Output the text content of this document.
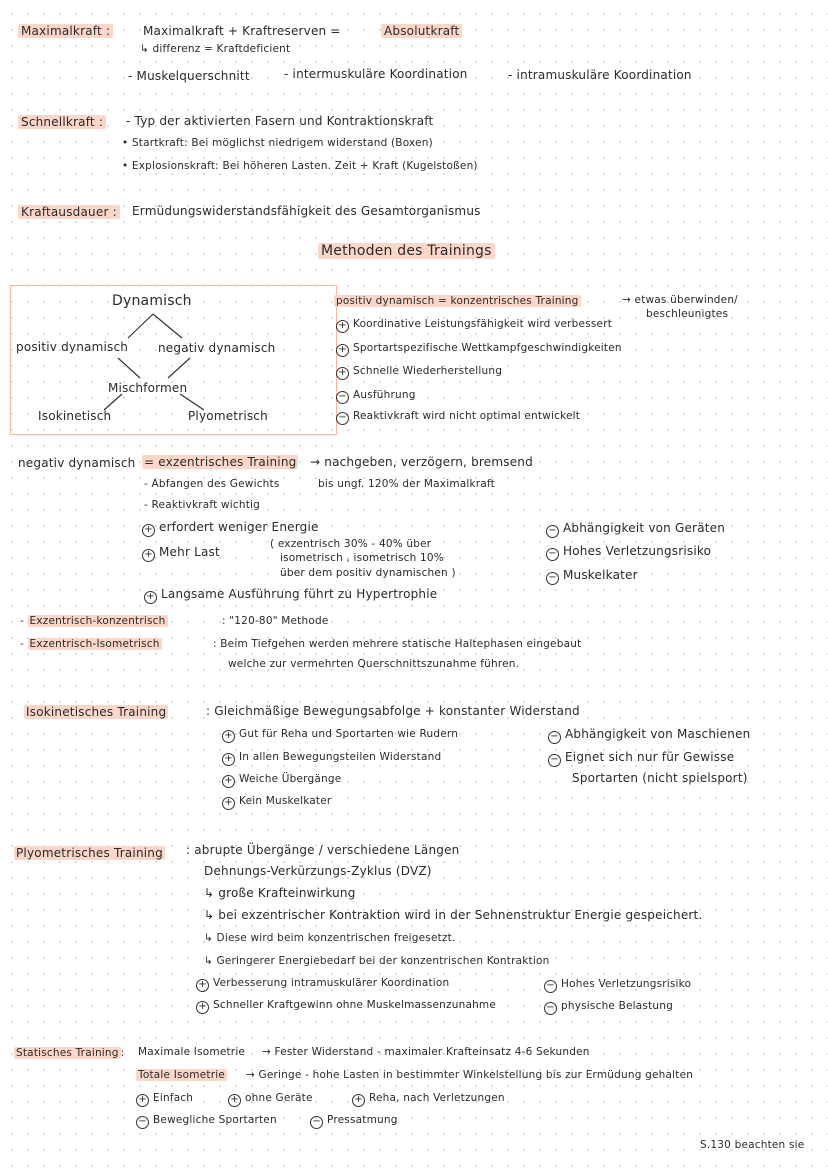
Maximalkraft :	Maximalkraft + Kraftreserven =	Absolutkraft
↳ differenz = Kraftdeficient
- Muskelquerschnitt	- intermuskuläre Koordination	- intramuskuläre Koordination
Schnellkraft : - Typ der aktivierten Fasern und Kontraktionskraft
• Startkraft: Bei möglichst niedrigem widerstand (Boxen)
• Explosionskraft: Bei höheren Lasten. Zeit + Kraft (Kugelstoßen)
Kraftausdauer : Ermüdungswiderstandsfähigkeit des Gesamtorganismus
Methoden des Trainings
Dynamisch
positiv dynamisch negativ dynamisch
Mischformen
Isokinetisch	Plyometrisch
positiv dynamisch = konzentrisches Training	→ etwas überwinden/
beschleunigtes
+ Koordinative Leistungsfähigkeit wird verbessert
+ Sportartspezifische Wettkampfgeschwindigkeiten
+ Schnelle Wiederherstellung
− Ausführung
− Reaktivkraft wird nicht optimal entwickelt
negativ dynamisch = exzentrisches Training → nachgeben, verzögern, bremsend
- Abfangen des Gewichts	bis ungf. 120% der Maximalkraft
- Reaktivkraft wichtig
+ erfordert weniger Energie
+ Mehr Last
( exzentrisch 30% - 40% über
isometrisch , isometrisch 10%
über dem positiv dynamischen )
+ Langsame Ausführung führt zu Hypertrophie
− Abhängigkeit von Geräten
− Hohes Verletzungsrisiko
− Muskelkater
- Exzentrisch-konzentrisch	: "120-80" Methode
- Exzentrisch-Isometrisch	: Beim Tiefgehen werden mehrere statische Haltephasen eingebaut
welche zur vermehrten Querschnittszunahme führen.
Isokinetisches Training	: Gleichmäßige Bewegungsabfolge + konstanter Widerstand
+ Gut für Reha und Sportarten wie Rudern
+ In allen Bewegungsteilen Widerstand
+ Weiche Übergänge
+ Kein Muskelkater
− Abhängigkeit von Maschienen
− Eignet sich nur für Gewisse
Sportarten (nicht spielsport)
Plyometrisches Training : abrupte Übergänge / verschiedene Längen
Dehnungs-Verkürzungs-Zyklus (DVZ)
↳ große Krafteinwirkung
↳ bei exzentrischer Kontraktion wird in der Sehnenstruktur Energie gespeichert.
↳ Diese wird beim konzentrischen freigesetzt.
↳ Geringerer Energiebedarf bei der konzentrischen Kontraktion
+ Verbesserung intramuskulärer Koordination
+ Schneller Kraftgewinn ohne Muskelmassenzunahme
− Hohes Verletzungsrisiko
− physische Belastung
Statisches Training : Maximale Isometrie → Fester Widerstand - maximaler Krafteinsatz 4-6 Sekunden
Totale Isometrie → Geringe - hohe Lasten in bestimmter Winkelstellung bis zur Ermüdung gehalten
+ Einfach	+ ohne Geräte	+ Reha, nach Verletzungen
− Bewegliche Sportarten	− Pressatmung
S.130 beachten sie
